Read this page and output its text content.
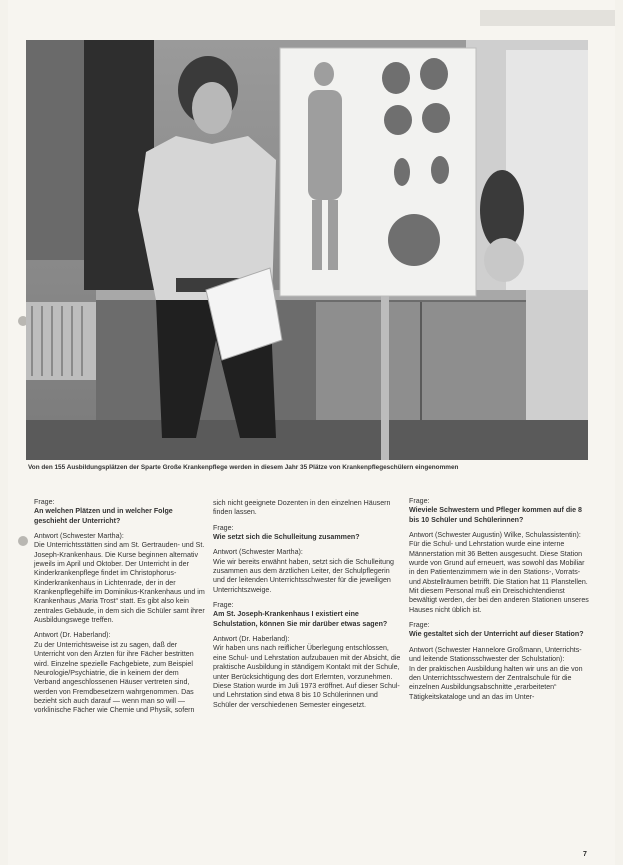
Von den 155 Ausbildungsplätzen der Sparte Große Krankenpflege werden in diesem Jahr 35 Plätze von Krankenpflegeschülern eingenommen
Frage:
An welchen Plätzen und in welcher Folge geschieht der Unterricht?
Antwort (Schwester Martha):
Die Unterrichtsstätten sind am St. Gertrauden- und St. Joseph-Krankenhaus. Die Kurse beginnen alternativ jeweils im April und Oktober. Der Unterricht in der Kinderkrankenpflege findet im Christophorus-Kinderkrankenhaus in Lichtenrade, der in der Krankenpflegehilfe im Dominikus-Krankenhaus und im Krankenhaus „Maria Trost“ statt. Es gibt also kein zentrales Gebäude, in dem sich die Schüler samt ihrer Ausbildungswege treffen.
Antwort (Dr. Haberland):
Zu der Unterrichtsweise ist zu sagen, daß der Unterricht von den Ärzten für ihre Fächer bestritten wird. Einzelne spezielle Fachgebiete, zum Beispiel Neurologie/Psychiatrie, die in keinem der dem Verband angeschlossenen Häuser vertreten sind, werden von Fremdbesetzern wahrgenommen. Das bezieht sich auch darauf — wenn man so will — vorklinische Fächer wie Chemie und Physik, sofern
sich nicht geeignete Dozenten in den einzelnen Häusern finden lassen.
Frage:
Wie setzt sich die Schulleitung zusammen?
Antwort (Schwester Martha):
Wie wir bereits erwähnt haben, setzt sich die Schulleitung zusammen aus dem ärztlichen Leiter, der Schulpflegerin und der leitenden Unterrichtsschwester für die jeweiligen Unterrichtszweige.
Frage:
Am St. Joseph-Krankenhaus I existiert eine Schulstation, können Sie mir darüber etwas sagen?
Antwort (Dr. Haberland):
Wir haben uns nach reiflicher Überlegung entschlossen, eine Schul- und Lehrstation aufzubauen mit der Absicht, die praktische Ausbildung in ständigem Kontakt mit der Schule, unter Berücksichtigung des dort Erlernten, vorzunehmen. Diese Station wurde im Juli 1973 eröffnet. Auf dieser Schul- und Lehrstation sind etwa 8 bis 10 Schülerinnen und Schüler der verschiedenen Semester eingesetzt.
Frage:
Wieviele Schwestern und Pfleger kommen auf die 8 bis 10 Schüler und Schülerinnen?
Antwort (Schwester Augustin) Wilke, Schulassistentin):
Für die Schul- und Lehrstation wurde eine interne Männerstation mit 36 Betten ausgesucht. Diese Station wurde von Grund auf erneuert, was sowohl das Mobiliar in den Patientenzimmern wie in den Stations-, Vorrats- und Abstellräumen betrifft. Die Station hat 11 Planstellen. Mit diesem Personal muß ein Dreischichtendienst bewältigt werden, der bei den anderen Stationen unseres Hauses nicht üblich ist.
Frage:
Wie gestaltet sich der Unterricht auf dieser Station?
Antwort (Schwester Hannelore Großmann, Unterrichts- und leitende Stationsschwester der Schulstation):
In der praktischen Ausbildung halten wir uns an die von den Unterrichtsschwestern der Zentralschule für die einzelnen Ausbildungsabschnitte „erarbeiteten“ Tätigkeitskataloge und an das im Unter-
7
